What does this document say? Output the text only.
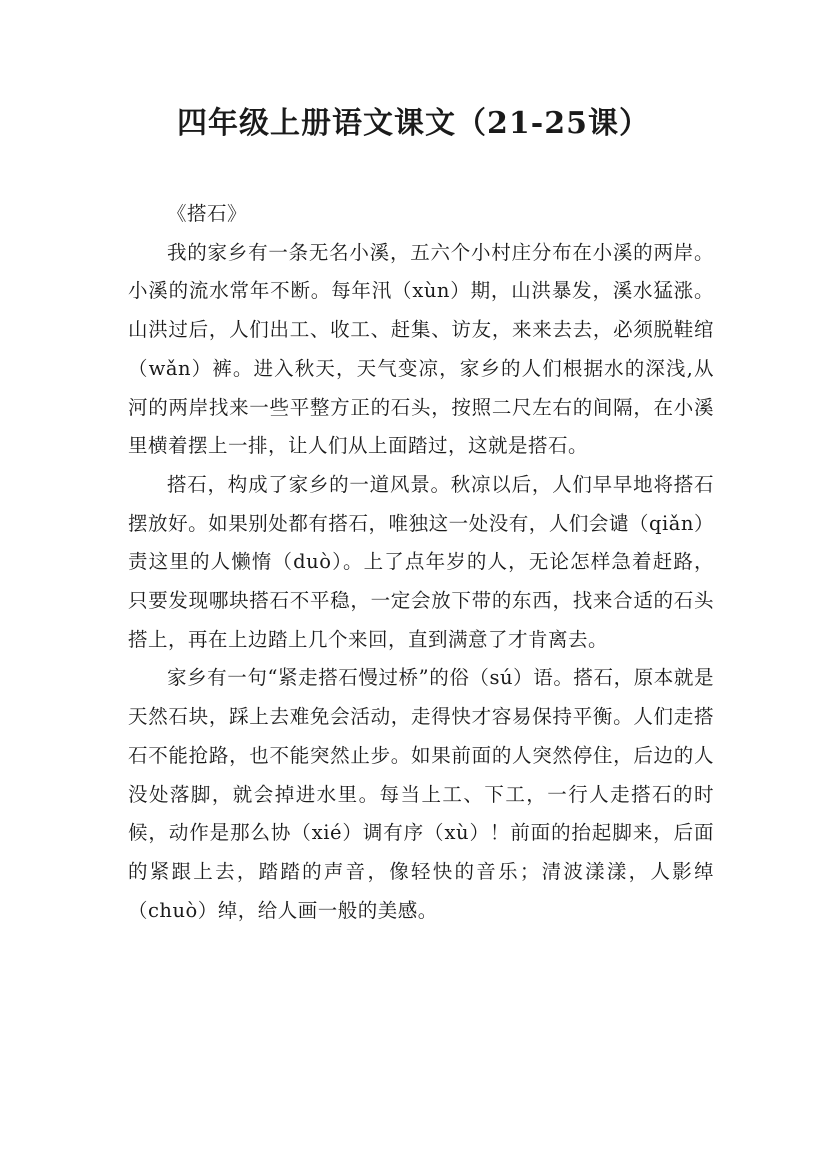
四年级上册语文课文（21-25课）

《搭石》

我的家乡有一条无名小溪，五六个小村庄分布在小溪的两岸。小溪的流水常年不断。每年汛（xùn）期，山洪暴发，溪水猛涨。山洪过后，人们出工、收工、赶集、访友，来来去去，必须脱鞋绾（wǎn）裤。进入秋天，天气变凉，家乡的人们根据水的深浅,从河的两岸找来一些平整方正的石头，按照二尺左右的间隔，在小溪里横着摆上一排，让人们从上面踏过，这就是搭石。

搭石，构成了家乡的一道风景。秋凉以后，人们早早地将搭石摆放好。如果别处都有搭石，唯独这一处没有，人们会谴（qiǎn）责这里的人懒惰（duò）。上了点年岁的人，无论怎样急着赶路，只要发现哪块搭石不平稳，一定会放下带的东西，找来合适的石头搭上，再在上边踏上几个来回，直到满意了才肯离去。

家乡有一句“紧走搭石慢过桥”的俗（sú）语。搭石，原本就是天然石块，踩上去难免会活动，走得快才容易保持平衡。人们走搭石不能抢路，也不能突然止步。如果前面的人突然停住，后边的人没处落脚，就会掉进水里。每当上工、下工，一行人走搭石的时候，动作是那么协（xié）调有序（xù）！前面的抬起脚来，后面的紧跟上去，踏踏的声音，像轻快的音乐；清波漾漾，人影绰（chuò）绰，给人画一般的美感。
